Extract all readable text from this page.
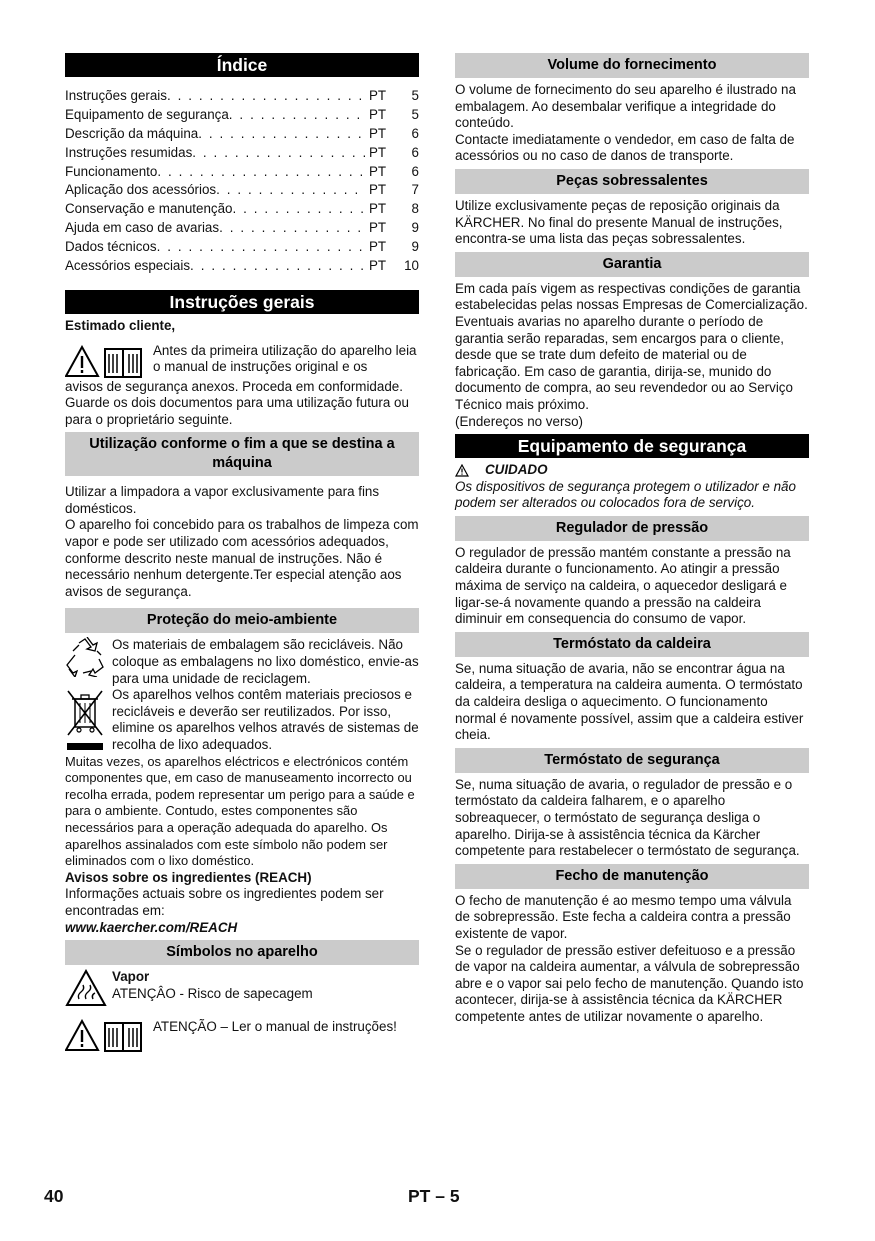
Índice
Instruções gerais . . .	PT	5
Equipamento de segurança . . .	PT	5
Descrição da máquina . . .	PT	6
Instruções resumidas . . .	PT	6
Funcionamento . . .	PT	6
Aplicação dos acessórios . . .	PT	7
Conservação e manutenção . . .	PT	8
Ajuda em caso de avarias . . .	PT	9
Dados técnicos . . .	PT	9
Acessórios especiais . . .	PT	10
Instruções gerais

Estimado cliente,

Antes da primeira utilização do aparelho leia o manual de instruções original e os

avisos de segurança anexos. Proceda em conformidade. Guarde os dois documentos para uma utilização futura ou para o proprietário seguinte.

Utilização conforme o fim a que se destina a máquina

Utilizar a limpadora a vapor exclusivamente para fins domésticos.

O aparelho foi concebido para os trabalhos de limpeza com vapor e pode ser utilizado com acessórios adequados, conforme descrito neste manual de instruções. Não é necessário nenhum detergente.Ter especial atenção aos avisos de segurança.

Proteção do meio-ambiente

Os materiais de embalagem são recicláveis. Não coloque as embalagens no lixo doméstico, envie-as para uma unidade de reciclagem.

Os aparelhos velhos contêm materiais preciosos e recicláveis e deverão ser reutilizados. Por isso, elimine os aparelhos velhos através de sistemas de recolha de lixo adequados.

Muitas vezes, os aparelhos eléctricos e electrónicos contém componentes que, em caso de manuseamento incorrecto ou recolha errada, podem representar um perigo para a saúde e para o ambiente. Contudo, estes componentes são necessários para a operação adequada do aparelho. Os aparelhos assinalados com este símbolo não podem ser eliminados com o lixo doméstico.

Avisos sobre os ingredientes (REACH)

Informações actuais sobre os ingredientes podem ser encontradas em:

www.kaercher.com/REACH

Símbolos no aparelho

Vapor

ATENÇÂO - Risco de sapecagem

ATENÇÃO – Ler o manual de instruções!

Volume do fornecimento

O volume de fornecimento do seu aparelho é ilustrado na embalagem. Ao desembalar verifique a integridade do conteúdo.

Contacte imediatamente o vendedor, em caso de falta de acessórios ou no caso de danos de transporte.

Peças sobressalentes

Utilize exclusivamente peças de reposição originais da KÄRCHER. No final do presente Manual de instruções, encontra-se uma lista das peças sobressalentes.

Garantia

Em cada país vigem as respectivas condições de garantia estabelecidas pelas nossas Empresas de Comercialização. Eventuais avarias no aparelho durante o período de garantia serão reparadas, sem encargos para o cliente, desde que se trate dum defeito de material ou de fabricação. Em caso de garantia, dirija-se, munido do documento de compra, ao seu revendedor ou ao Serviço Técnico mais próximo.

(Endereços no verso)

Equipamento de segurança

CUIDADO

Os dispositivos de segurança protegem o utilizador e não podem ser alterados ou colocados fora de serviço.

Regulador de pressão

O regulador de pressão mantém constante a pressão na caldeira durante o funcionamento. Ao atingir a pressão máxima de serviço na caldeira, o aquecedor desligará e ligar-se-á novamente quando a pressão na caldeira diminuir em consequencia do consumo de vapor.

Termóstato da caldeira

Se, numa situação de avaria, não se encontrar água na caldeira, a temperatura na caldeira aumenta. O termóstato da caldeira desliga o aquecimento. O funcionamento normal é novamente possível, assim que a caldeira estiver cheia.

Termóstato de segurança

Se, numa situação de avaria, o regulador de pressão e o termóstato da caldeira falharem, e o aparelho sobreaquecer, o termóstato de segurança desliga o aparelho. Dirija-se à assistência técnica da Kärcher competente para restabelecer o termóstato de segurança.

Fecho de manutenção

O fecho de manutenção é ao mesmo tempo uma válvula de sobrepressão. Este fecha a caldeira contra a pressão existente de vapor.

Se o regulador de pressão estiver defeituoso e a pressão de vapor na caldeira aumentar, a válvula de sobrepressão abre e o vapor sai pelo fecho de manutenção. Quando isto acontecer, dirija-se à assistência técnica da KÄRCHER competente antes de utilizar novamente o aparelho.

40	PT – 5
